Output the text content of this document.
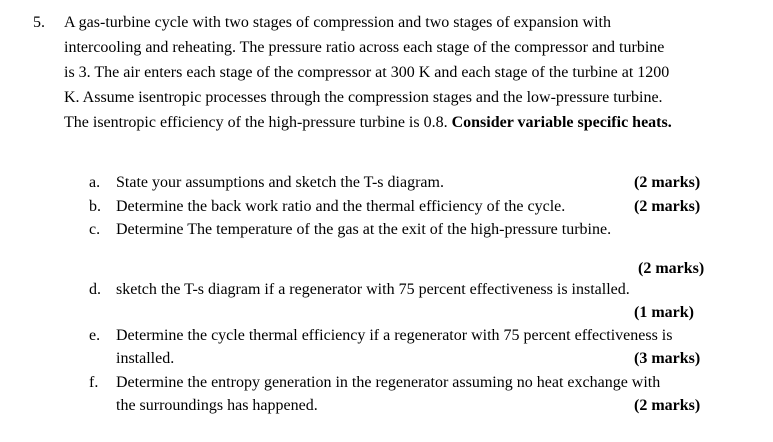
5. A gas-turbine cycle with two stages of compression and two stages of expansion with
intercooling and reheating. The pressure ratio across each stage of the compressor and turbine
is 3. The air enters each stage of the compressor at 300 K and each stage of the turbine at 1200
K. Assume isentropic processes through the compression stages and the low-pressure turbine.
The isentropic efficiency of the high-pressure turbine is 0.8. Consider variable specific heats.
a. State your assumptions and sketch the T-s diagram.	(2 marks)
b. Determine the back work ratio and the thermal efficiency of the cycle.	(2 marks)
c. Determine The temperature of the gas at the exit of the high-pressure turbine.
(2 marks)
d. sketch the T-s diagram if a regenerator with 75 percent effectiveness is installed.
(1 mark)
e. Determine the cycle thermal efficiency if a regenerator with 75 percent effectiveness is
installed.	(3 marks)
f. Determine the entropy generation in the regenerator assuming no heat exchange with
the surroundings has happened.	(2 marks)
